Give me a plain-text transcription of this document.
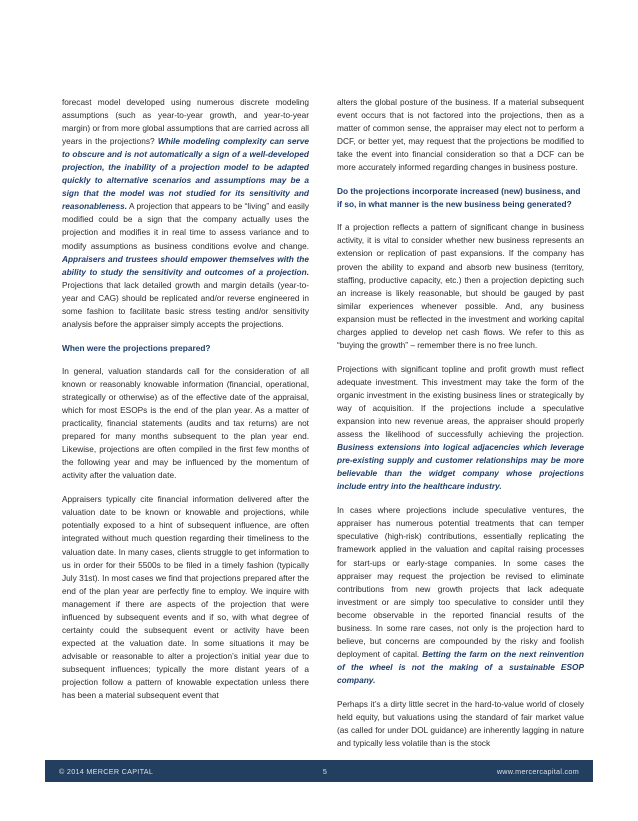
forecast model developed using numerous discrete modeling assumptions (such as year-to-year growth, and year-to-year margin) or from more global assumptions that are carried across all years in the projections? While modeling complexity can serve to obscure and is not automatically a sign of a well-developed projection, the inability of a projection model to be adapted quickly to alternative scenarios and assumptions may be a sign that the model was not studied for its sensitivity and reasonableness. A projection that appears to be “living” and easily modified could be a sign that the company actually uses the projection and modifies it in real time to assess variance and to modify assumptions as business conditions evolve and change. Appraisers and trustees should empower themselves with the ability to study the sensitivity and outcomes of a projection. Projections that lack detailed growth and margin details (year-to-year and CAG) should be replicated and/or reverse engineered in some fashion to facilitate basic stress testing and/or sensitivity analysis before the appraiser simply accepts the projections.

When were the projections prepared?

In general, valuation standards call for the consideration of all known or reasonably knowable information (financial, operational, strategically or otherwise) as of the effective date of the appraisal, which for most ESOPs is the end of the plan year. As a matter of practicality, financial statements (audits and tax returns) are not prepared for many months subsequent to the plan year end. Likewise, projections are often compiled in the first few months of the following year and may be influenced by the momentum of activity after the valuation date.

Appraisers typically cite financial information delivered after the valuation date to be known or knowable and projections, while potentially exposed to a hint of subsequent influence, are often integrated without much question regarding their timeliness to the valuation date. In many cases, clients struggle to get information to us in order for their 5500s to be filed in a timely fashion (typically July 31st). In most cases we find that projections prepared after the end of the plan year are perfectly fine to employ. We inquire with management if there are aspects of the projection that were influenced by subsequent events and if so, with what degree of certainty could the subsequent event or activity have been expected at the valuation date. In some situations it may be advisable or reasonable to alter a projection’s initial year due to subsequent influences; typically the more distant years of a projection follow a pattern of knowable expectation unless there has been a material subsequent event that

alters the global posture of the business. If a material subsequent event occurs that is not factored into the projections, then as a matter of common sense, the appraiser may elect not to perform a DCF, or better yet, may request that the projections be modified to take the event into financial consideration so that a DCF can be more accurately informed regarding changes in business posture.

Do the projections incorporate increased (new) business, and if so, in what manner is the new business being generated?

If a projection reflects a pattern of significant change in business activity, it is vital to consider whether new business represents an extension or replication of past expansions. If the company has proven the ability to expand and absorb new business (territory, staffing, productive capacity, etc.) then a projection depicting such an increase is likely reasonable, but should be gauged by past similar experiences whenever possible. And, any business expansion must be reflected in the investment and working capital charges applied to develop net cash flows. We refer to this as “buying the growth” – remember there is no free lunch.

Projections with significant topline and profit growth must reflect adequate investment. This investment may take the form of the organic investment in the existing business lines or strategically by way of acquisition. If the projections include a speculative expansion into new revenue areas, the appraiser should properly assess the likelihood of successfully achieving the projection. Business extensions into logical adjacencies which leverage pre-existing supply and customer relationships may be more believable than the widget company whose projections include entry into the healthcare industry.

In cases where projections include speculative ventures, the appraiser has numerous potential treatments that can temper speculative (high-risk) contributions, essentially replicating the framework applied in the valuation and capital raising processes for start-ups or early-stage companies. In some cases the appraiser may request the projection be revised to eliminate contributions from new growth projects that lack adequate investment or are simply too speculative to consider until they become observable in the reported financial results of the business. In some rare cases, not only is the projection hard to believe, but concerns are compounded by the risky and foolish deployment of capital. Betting the farm on the next reinvention of the wheel is not the making of a sustainable ESOP company.

Perhaps it’s a dirty little secret in the hard-to-value world of closely held equity, but valuations using the standard of fair market value (as called for under DOL guidance) are inherently lagging in nature and typically less volatile than is the stock

© 2014 MERCER CAPITAL	5	www.mercercapital.com
